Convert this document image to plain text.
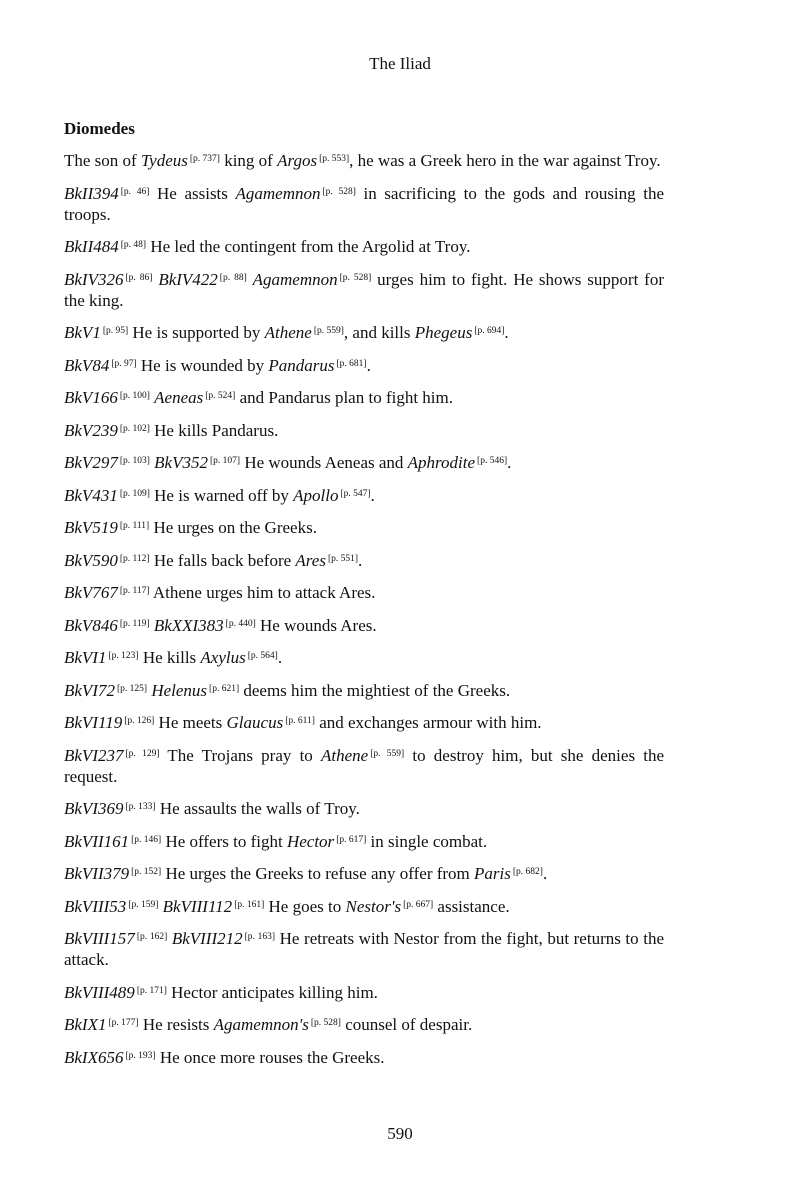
The Iliad
Diomedes

The son of Tydeus [p. 737] king of Argos [p. 553], he was a Greek hero in the war against Troy.

BkII394 [p. 46] He assists Agamemnon [p. 528] in sacrificing to the gods and rousing the troops.

BkII484 [p. 48] He led the contingent from the Argolid at Troy.

BkIV326 [p. 86] BkIV422 [p. 88] Agamemnon [p. 528] urges him to fight. He shows support for the king.

BkV1 [p. 95] He is supported by Athene [p. 559], and kills Phegeus [p. 694].

BkV84 [p. 97] He is wounded by Pandarus [p. 681].

BkV166 [p. 100] Aeneas [p. 524] and Pandarus plan to fight him.

BkV239 [p. 102] He kills Pandarus.

BkV297 [p. 103] BkV352 [p. 107] He wounds Aeneas and Aphrodite [p. 546].

BkV431 [p. 109] He is warned off by Apollo [p. 547].

BkV519 [p. 111] He urges on the Greeks.

BkV590 [p. 112] He falls back before Ares [p. 551].

BkV767 [p. 117] Athene urges him to attack Ares.

BkV846 [p. 119] BkXXI383 [p. 440] He wounds Ares.

BkVI1 [p. 123] He kills Axylus [p. 564].

BkVI72 [p. 125] Helenus [p. 621] deems him the mightiest of the Greeks.

BkVI119 [p. 126] He meets Glaucus [p. 611] and exchanges armour with him.

BkVI237 [p. 129] The Trojans pray to Athene [p. 559] to destroy him, but she denies the request.

BkVI369 [p. 133] He assaults the walls of Troy.

BkVII161 [p. 146] He offers to fight Hector [p. 617] in single combat.

BkVII379 [p. 152] He urges the Greeks to refuse any offer from Paris [p. 682].

BkVIII53 [p. 159] BkVIII112 [p. 161] He goes to Nestor's [p. 667] assistance.

BkVIII157 [p. 162] BkVIII212 [p. 163] He retreats with Nestor from the fight, but returns to the attack.

BkVIII489 [p. 171] Hector anticipates killing him.

BkIX1 [p. 177] He resists Agamemnon's [p. 528] counsel of despair.

BkIX656 [p. 193] He once more rouses the Greeks.

590
